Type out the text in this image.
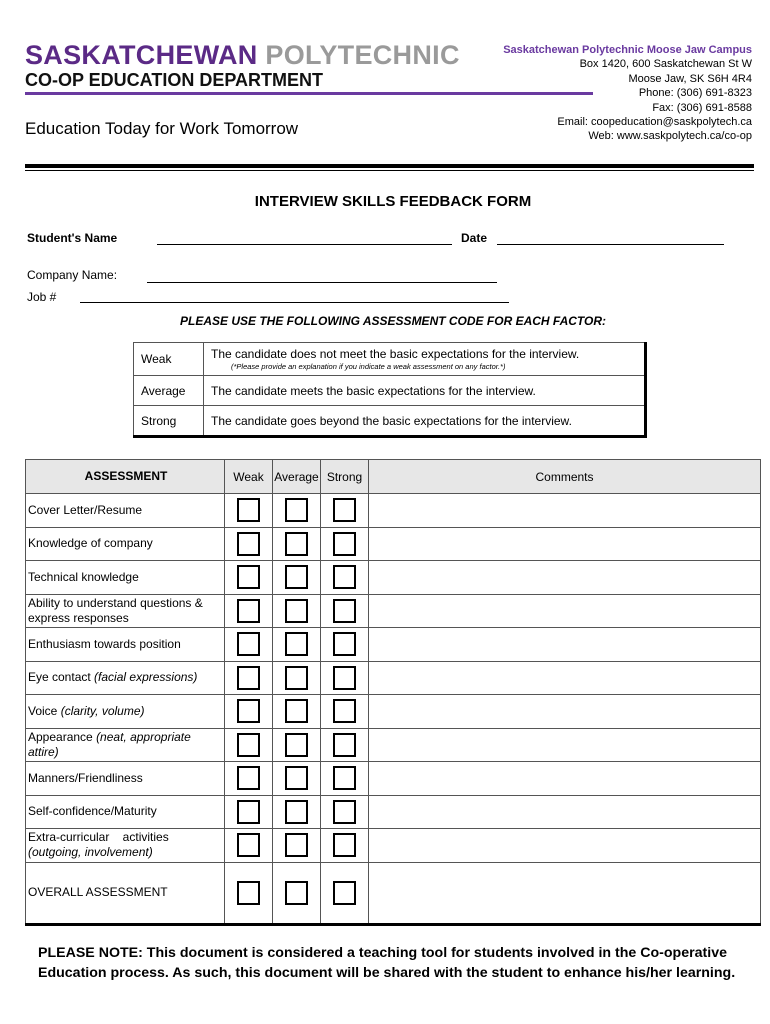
SASKATCHEWAN POLYTECHNIC
CO-OP EDUCATION DEPARTMENT
Education Today for Work Tomorrow
Saskatchewan Polytechnic Moose Jaw Campus
Box 1420, 600 Saskatchewan St W
Moose Jaw, SK S6H 4R4
Phone: (306) 691-8323
Fax: (306) 691-8588
Email: coopeducation@saskpolytech.ca
Web: www.saskpolytech.ca/co-op
INTERVIEW SKILLS FEEDBACK FORM
Student's Name	Date
Company Name:
Job #
PLEASE USE THE FOLLOWING ASSESSMENT CODE FOR EACH FACTOR:
Weak	The candidate does not meet the basic expectations for the interview.
(*Please provide an explanation if you indicate a weak assessment on any factor.*)

Average	The candidate meets the basic expectations for the interview.
Strong	The candidate goes beyond the basic expectations for the interview.
ASSESSMENT	Weak	Average	Strong	Comments
Cover Letter/Resume				
Knowledge of company				
Technical knowledge				
Ability to understand questions & express responses				
Enthusiasm towards position				
Eye contact (facial expressions)				
Voice (clarity, volume)				
Appearance (neat, appropriate attire)				
Manners/Friendliness				
Self-confidence/Maturity				
Extra-curricular    activities (outgoing, involvement)				
OVERALL ASSESSMENT				
PLEASE NOTE: This document is considered a teaching tool for students involved in the Co-operative Education process. As such, this document will be shared with the student to enhance his/her learning.
